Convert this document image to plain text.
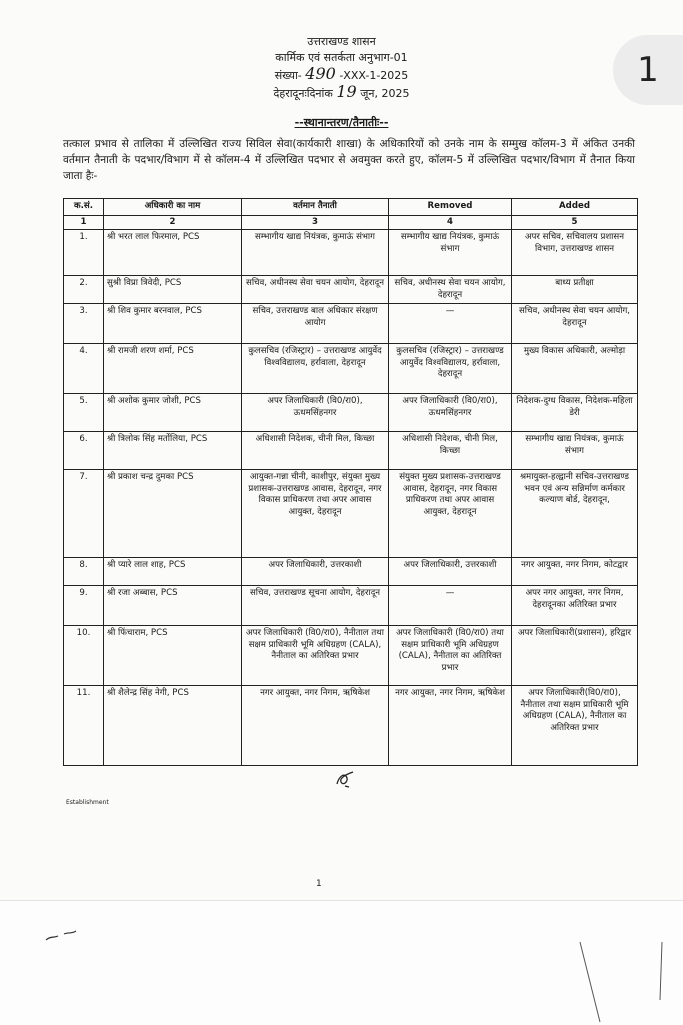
1
उत्तराखण्ड शासन
कार्मिक एवं सतर्कता अनुभाग-01
संख्या- 490 -XXX-1-2025
देहरादूनःदिनांक 19 जून, 2025
--स्थानान्तरण/तैनातीः--
तत्काल प्रभाव से तालिका में उल्लिखित राज्य सिविल सेवा(कार्यकारी शाखा) के अधिकारियों को उनके नाम के सम्मुख कॉलम-3 में अंकित उनकी वर्तमान तैनाती के पदभार/विभाग में से कॉलम-4 में उल्लिखित पदभार से अवमुक्त करते हुए, कॉलम-5 में उल्लिखित पदभार/विभाग में तैनात किया जाता हैः-
क.सं.	अधिकारी का नाम	वर्तमान तैनाती	Removed	Added
1	2	3	4	5
1.	श्री भरत लाल फिरमाल, PCS	सम्भागीय खाद्य नियंत्रक, कुमाऊं संभाग	सम्भागीय खाद्य नियंत्रक, कुमाऊं संभाग	अपर सचिव, सचिवालय प्रशासन विभाग, उत्तराखण्ड शासन
2.	सुश्री विप्रा त्रिवेदी, PCS	सचिव, अधीनस्थ सेवा चयन आयोग, देहरादून	सचिव, अधीनस्थ सेवा चयन आयोग, देहरादून	बाध्य प्रतीक्षा
3.	श्री शिव कुमार बरनवाल, PCS	सचिव, उत्तराखण्ड बाल अधिकार संरक्षण आयोग	—	सचिव, अधीनस्थ सेवा चयन आयोग, देहरादून
4.	श्री रामजी शरण शर्मा, PCS	कुलसचिव (रजिस्ट्रार) – उत्तराखण्ड आयुर्वेद विश्वविद्यालय, हर्रावाला, देहरादून	कुलसचिव (रजिस्ट्रार) – उत्तराखण्ड आयुर्वेद विश्वविद्यालय, हर्रावाला, देहरादून	मुख्य विकास अधिकारी, अल्मोड़ा
5.	श्री अशोक कुमार जोशी, PCS	अपर जिलाधिकारी (वि0/रा0), ऊधमसिंहनगर	अपर जिलाधिकारी (वि0/रा0), ऊधमसिंहनगर	निदेशक-दुग्ध विकास, निदेशक-महिला डेरी
6.	श्री त्रिलोक सिंह मर्तोलिया, PCS	अधिशासी निदेशक, चीनी मिल, किच्छा	अधिशासी निदेशक, चीनी मिल, किच्छा	सम्भागीय खाद्य नियंत्रक, कुमाऊं संभाग
7.	श्री प्रकाश चन्द्र दुमका PCS	आयुक्त-गन्ना चीनी, काशीपुर, संयुक्त मुख्य प्रशासक-उत्तराखण्ड आवास, देहरादून, नगर विकास प्राधिकरण तथा अपर आवास आयुक्त, देहरादून	संयुक्त मुख्य प्रशासक-उत्तराखण्ड आवास, देहरादून, नगर विकास प्राधिकरण तथा अपर आवास आयुक्त, देहरादून	श्रमायुक्त-हल्द्वानी सचिव-उत्तराखण्ड भवन एवं अन्य सन्निर्माण कर्मकार कल्याण बोर्ड, देहरादून,
8.	श्री प्यारे लाल शाह, PCS	अपर जिलाधिकारी, उत्तरकाशी	अपर जिलाधिकारी, उत्तरकाशी	नगर आयुक्त, नगर निगम, कोटद्वार
9.	श्री रजा अब्बास, PCS	सचिव, उत्तराखण्ड सूचना आयोग, देहरादून	—	अपर नगर आयुक्त, नगर निगम, देहरादूनका अतिरिक्त प्रभार
10.	श्री फिंचाराम, PCS	अपर जिलाधिकारी (वि0/रा0), नैनीताल तथा सक्षम प्राधिकारी भूमि अधिग्रहण (CALA), नैनीताल का अतिरिक्त प्रभार	अपर जिलाधिकारी (वि0/रा0) तथा सक्षम प्राधिकारी भूमि अधिग्रहण (CALA), नैनीताल का अतिरिक्त प्रभार	अपर जिलाधिकारी(प्रशासन), हरिद्वार
11.	श्री शैलेन्द्र सिंह नेगी, PCS	नगर आयुक्त, नगर निगम, ऋषिकेश	नगर आयुक्त, नगर निगम, ऋषिकेश	अपर जिलाधिकारी(वि0/रा0), नैनीताल तथा सक्षम प्राधिकारी भूमि अधिग्रहण (CALA), नैनीताल का अतिरिक्त प्रभार
Establishment
1
